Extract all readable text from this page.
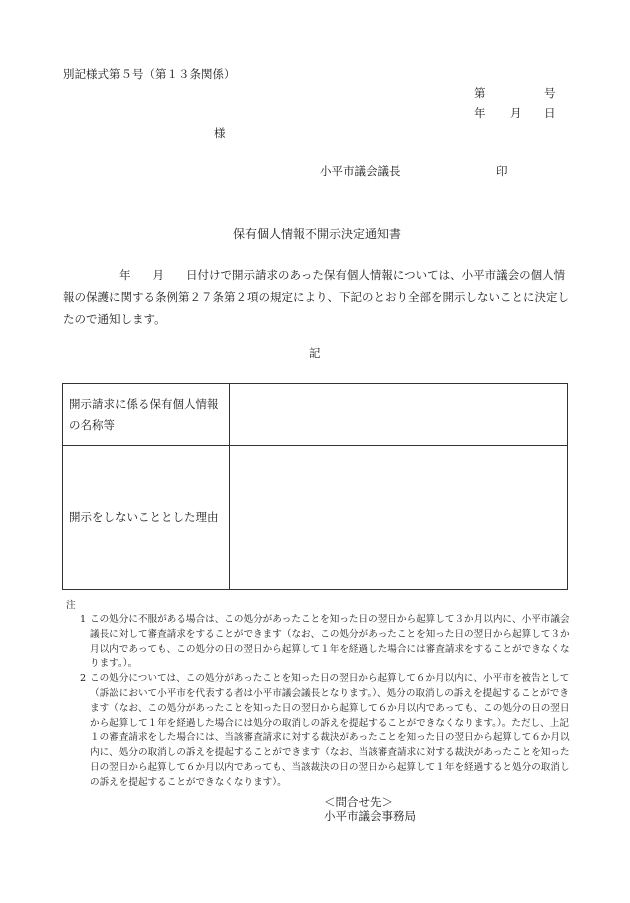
別記様式第５号（第１３条関係）
第	号
年 月 日
様
小平市議会議長	印
保有個人情報不開示決定通知書
年 月 日付けで開示請求のあった保有個人情報については、小平市議会の個人情報の保護に関する条例第２７条第２項の規定により、下記のとおり全部を開示しないことに決定したので通知します。
記
開示請求に係る保有個人情報の名称等	
開示をしないこととした理由	
注
1 この処分に不服がある場合は、この処分があったことを知った日の翌日から起算して３か月以内に、小平市議会議長に対して審査請求をすることができます（なお、この処分があったことを知った日の翌日から起算して３か月以内であっても、この処分の日の翌日から起算して１年を経過した場合には審査請求をすることができなくなります。）。
2 この処分については、この処分があったことを知った日の翌日から起算して６か月以内に、小平市を被告として（訴訟において小平市を代表する者は小平市議会議長となります。）、処分の取消しの訴えを提起することができます（なお、この処分があったことを知った日の翌日から起算して６か月以内であっても、この処分の日の翌日から起算して１年を経過した場合には処分の取消しの訴えを提起することができなくなります。）。ただし、上記１の審査請求をした場合には、当該審査請求に対する裁決があったことを知った日の翌日から起算して６か月以内に、処分の取消しの訴えを提起することができます（なお、当該審査請求に対する裁決があったことを知った日の翌日から起算して６か月以内であっても、当該裁決の日の翌日から起算して１年を経過すると処分の取消しの訴えを提起することができなくなります）。
＜問合せ先＞
小平市議会事務局
